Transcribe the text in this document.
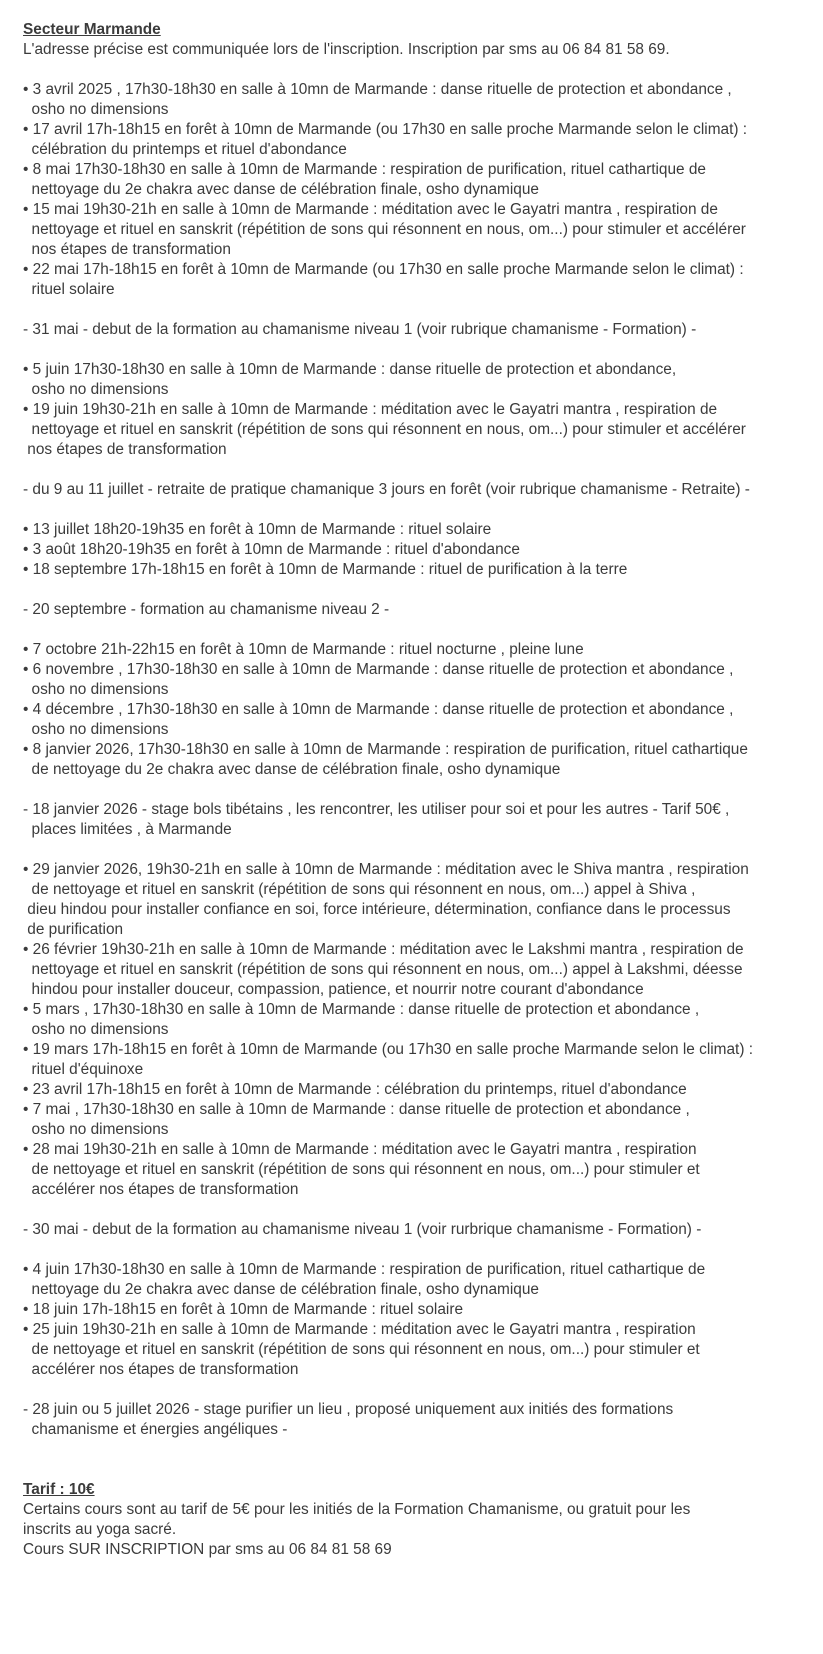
Secteur Marmande
L'adresse précise est communiquée lors de l'inscription. Inscription par sms au 06 84 81 58 69.
• 3 avril 2025 , 17h30-18h30 en salle à 10mn de Marmande : danse rituelle de protection et abondance ,
osho no dimensions
• 17 avril 17h-18h15 en forêt à 10mn de Marmande (ou 17h30 en salle proche Marmande selon le climat) :
célébration du printemps et rituel d'abondance
• 8 mai 17h30-18h30 en salle à 10mn de Marmande : respiration de purification, rituel cathartique de
nettoyage du 2e chakra avec danse de célébration finale, osho dynamique
• 15 mai 19h30-21h en salle à 10mn de Marmande : méditation avec le Gayatri mantra , respiration de
nettoyage et rituel en sanskrit (répétition de sons qui résonnent en nous, om...) pour stimuler et accélérer
nos étapes de transformation
• 22 mai 17h-18h15 en forêt à 10mn de Marmande (ou 17h30 en salle proche Marmande selon le climat) :
rituel solaire
- 31 mai - debut de la formation au chamanisme niveau 1 (voir rubrique chamanisme - Formation) -
• 5 juin 17h30-18h30 en salle à 10mn de Marmande : danse rituelle de protection et abondance,
osho no dimensions
• 19 juin 19h30-21h en salle à 10mn de Marmande : méditation avec le Gayatri mantra , respiration de
nettoyage et rituel en sanskrit (répétition de sons qui résonnent en nous, om...) pour stimuler et accélérer
nos étapes de transformation
- du 9 au 11 juillet - retraite de pratique chamanique 3 jours en forêt (voir rubrique chamanisme - Retraite) -
• 13 juillet 18h20-19h35 en forêt à 10mn de Marmande : rituel solaire
• 3 août 18h20-19h35 en forêt à 10mn de Marmande : rituel d'abondance
• 18 septembre 17h-18h15 en forêt à 10mn de Marmande : rituel de purification à la terre
- 20 septembre - formation au chamanisme niveau 2 -
• 7 octobre 21h-22h15 en forêt à 10mn de Marmande : rituel nocturne , pleine lune
• 6 novembre , 17h30-18h30 en salle à 10mn de Marmande : danse rituelle de protection et abondance ,
osho no dimensions
• 4 décembre , 17h30-18h30 en salle à 10mn de Marmande : danse rituelle de protection et abondance ,
osho no dimensions
• 8 janvier 2026, 17h30-18h30 en salle à 10mn de Marmande : respiration de purification, rituel cathartique
de nettoyage du 2e chakra avec danse de célébration finale, osho dynamique
- 18 janvier 2026 - stage bols tibétains , les rencontrer, les utiliser pour soi et pour les autres - Tarif 50€ ,
places limitées , à Marmande
• 29 janvier 2026, 19h30-21h en salle à 10mn de Marmande : méditation avec le Shiva mantra , respiration
de nettoyage et rituel en sanskrit (répétition de sons qui résonnent en nous, om...) appel à Shiva ,
dieu hindou pour installer confiance en soi, force intérieure, détermination, confiance dans le processus
de purification
• 26 février 19h30-21h en salle à 10mn de Marmande : méditation avec le Lakshmi mantra , respiration de
nettoyage et rituel en sanskrit (répétition de sons qui résonnent en nous, om...) appel à Lakshmi, déesse
hindou pour installer douceur, compassion, patience, et nourrir notre courant d'abondance
• 5 mars , 17h30-18h30 en salle à 10mn de Marmande : danse rituelle de protection et abondance ,
osho no dimensions
• 19 mars 17h-18h15 en forêt à 10mn de Marmande (ou 17h30 en salle proche Marmande selon le climat) :
rituel d'équinoxe
• 23 avril 17h-18h15 en forêt à 10mn de Marmande : célébration du printemps, rituel d'abondance
• 7 mai , 17h30-18h30 en salle à 10mn de Marmande : danse rituelle de protection et abondance ,
osho no dimensions
• 28 mai 19h30-21h en salle à 10mn de Marmande : méditation avec le Gayatri mantra , respiration
de nettoyage et rituel en sanskrit (répétition de sons qui résonnent en nous, om...) pour stimuler et
accélérer nos étapes de transformation
- 30 mai - debut de la formation au chamanisme niveau 1 (voir rurbrique chamanisme - Formation) -
• 4 juin 17h30-18h30 en salle à 10mn de Marmande : respiration de purification, rituel cathartique de
nettoyage du 2e chakra avec danse de célébration finale, osho dynamique
• 18 juin 17h-18h15 en forêt à 10mn de Marmande : rituel solaire
• 25 juin 19h30-21h en salle à 10mn de Marmande : méditation avec le Gayatri mantra , respiration
de nettoyage et rituel en sanskrit (répétition de sons qui résonnent en nous, om...) pour stimuler et
accélérer nos étapes de transformation
- 28 juin ou 5 juillet 2026 - stage purifier un lieu , proposé uniquement aux initiés des formations
chamanisme et énergies angéliques -
Tarif : 10€
Certains cours sont au tarif de 5€ pour les initiés de la Formation Chamanisme, ou gratuit pour les
inscrits au yoga sacré.
Cours SUR INSCRIPTION par sms au 06 84 81 58 69
